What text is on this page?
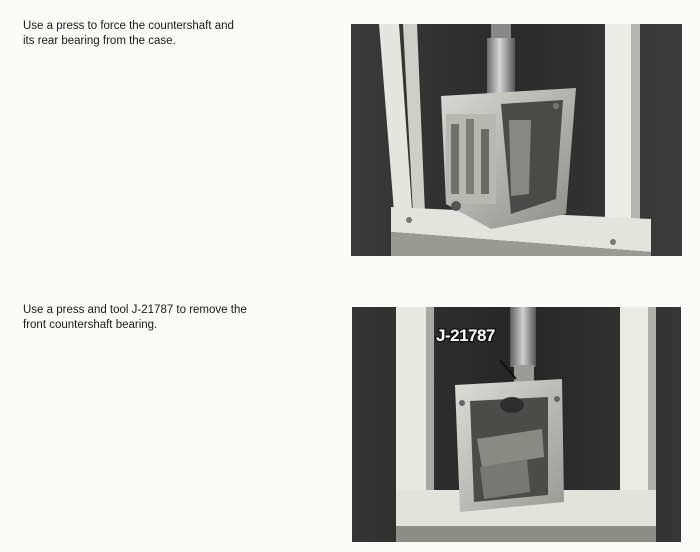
Use a press to force the countershaft and
its rear bearing from the case.
Use a press and tool J-21787 to remove the
front countershaft bearing.
J-21787
